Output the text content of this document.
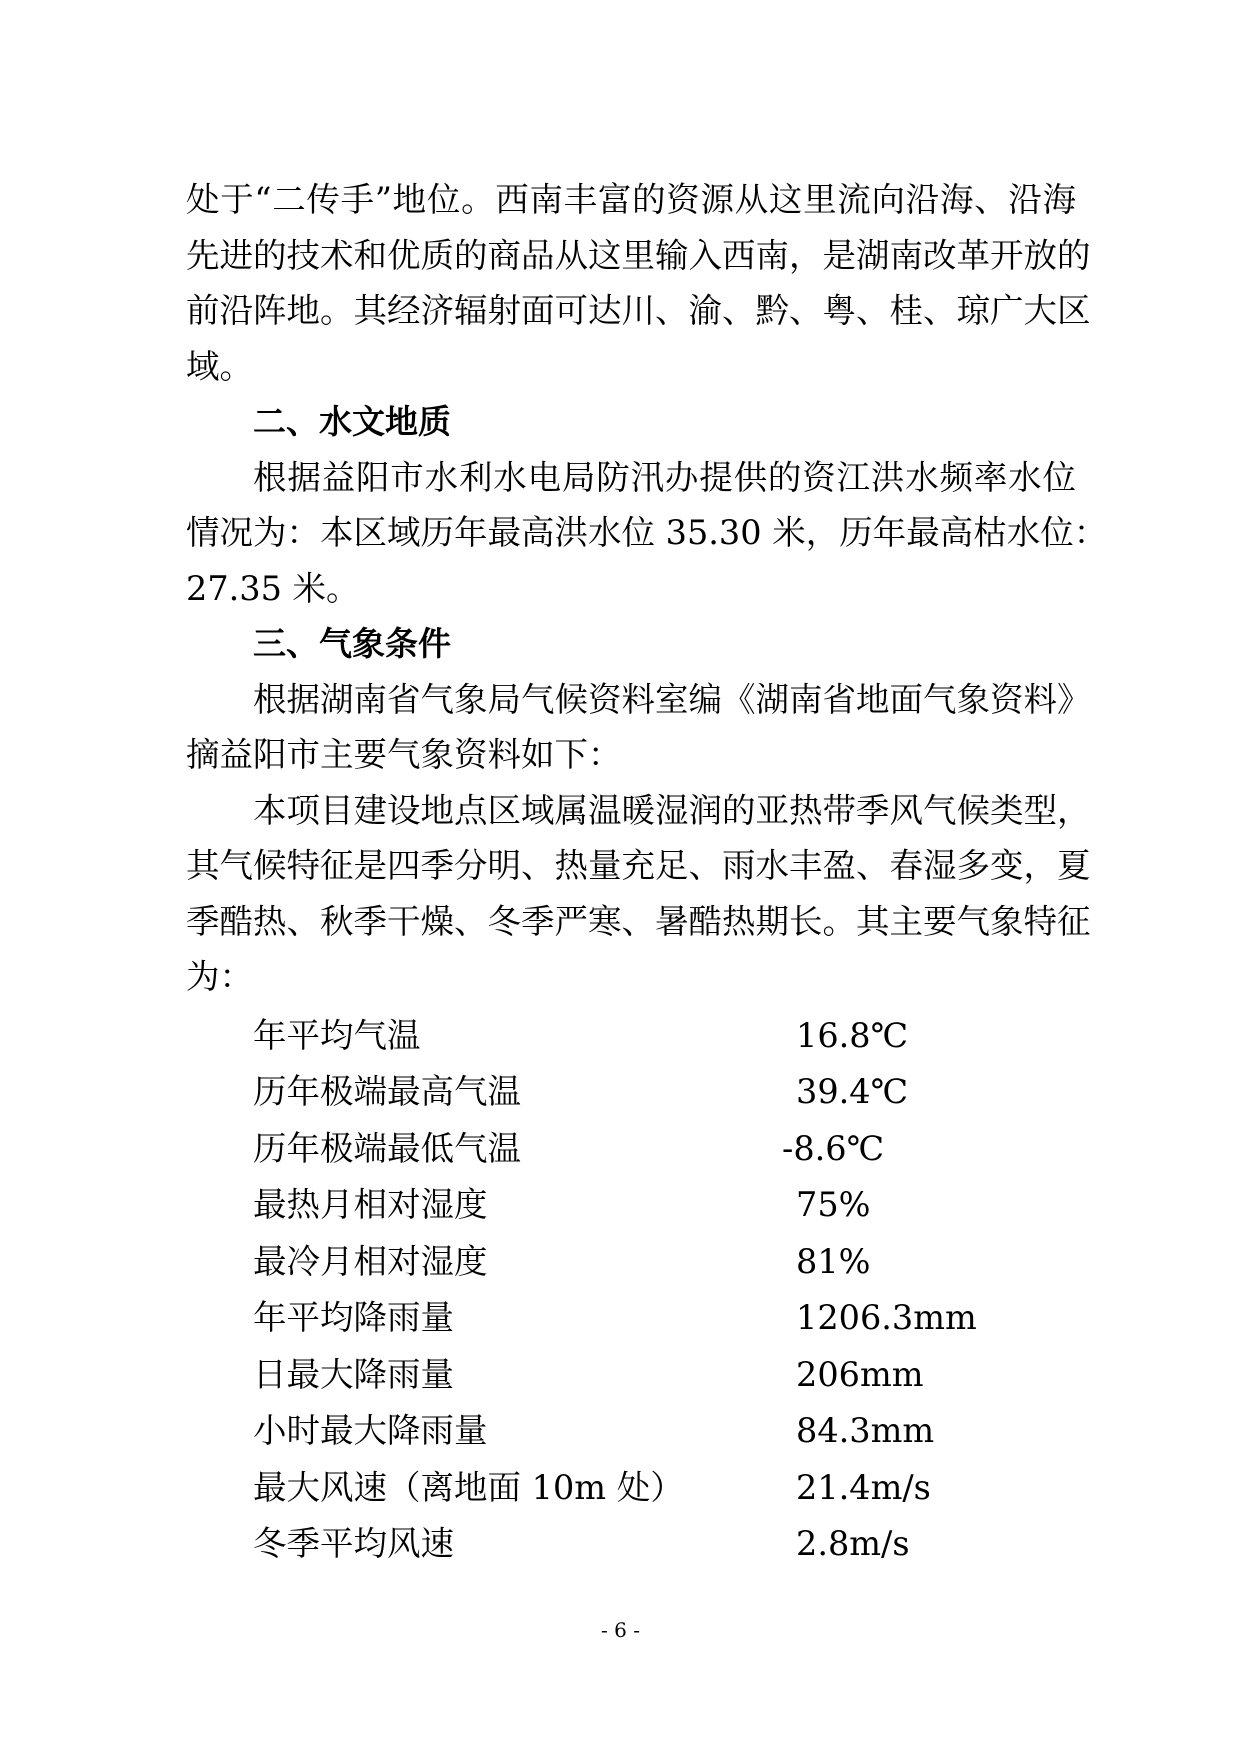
处于“二传手”地位。西南丰富的资源从这里流向沿海、沿海
先进的技术和优质的商品从这里输入西南，是湖南改革开放的
前沿阵地。其经济辐射面可达川、渝、黔、粤、桂、琼广大区
域。
二、水文地质
根据益阳市水利水电局防汛办提供的资江洪水频率水位
情况为：本区域历年最高洪水位 35.30 米，历年最高枯水位：
27.35 米。
三、气象条件
根据湖南省气象局气候资料室编《湖南省地面气象资料》
摘益阳市主要气象资料如下：
本项目建设地点区域属温暖湿润的亚热带季风气候类型，
其气候特征是四季分明、热量充足、雨水丰盈、春湿多变，夏
季酷热、秋季干燥、冬季严寒、暑酷热期长。其主要气象特征
为：
年平均气温	16.8℃
历年极端最高气温	39.4℃
历年极端最低气温	-8.6℃
最热月相对湿度	75%
最冷月相对湿度	81%
年平均降雨量	1206.3mm
日最大降雨量	206mm
小时最大降雨量	84.3mm
最大风速（离地面 10m 处）	21.4m/s
冬季平均风速	2.8m/s
- 6 -
